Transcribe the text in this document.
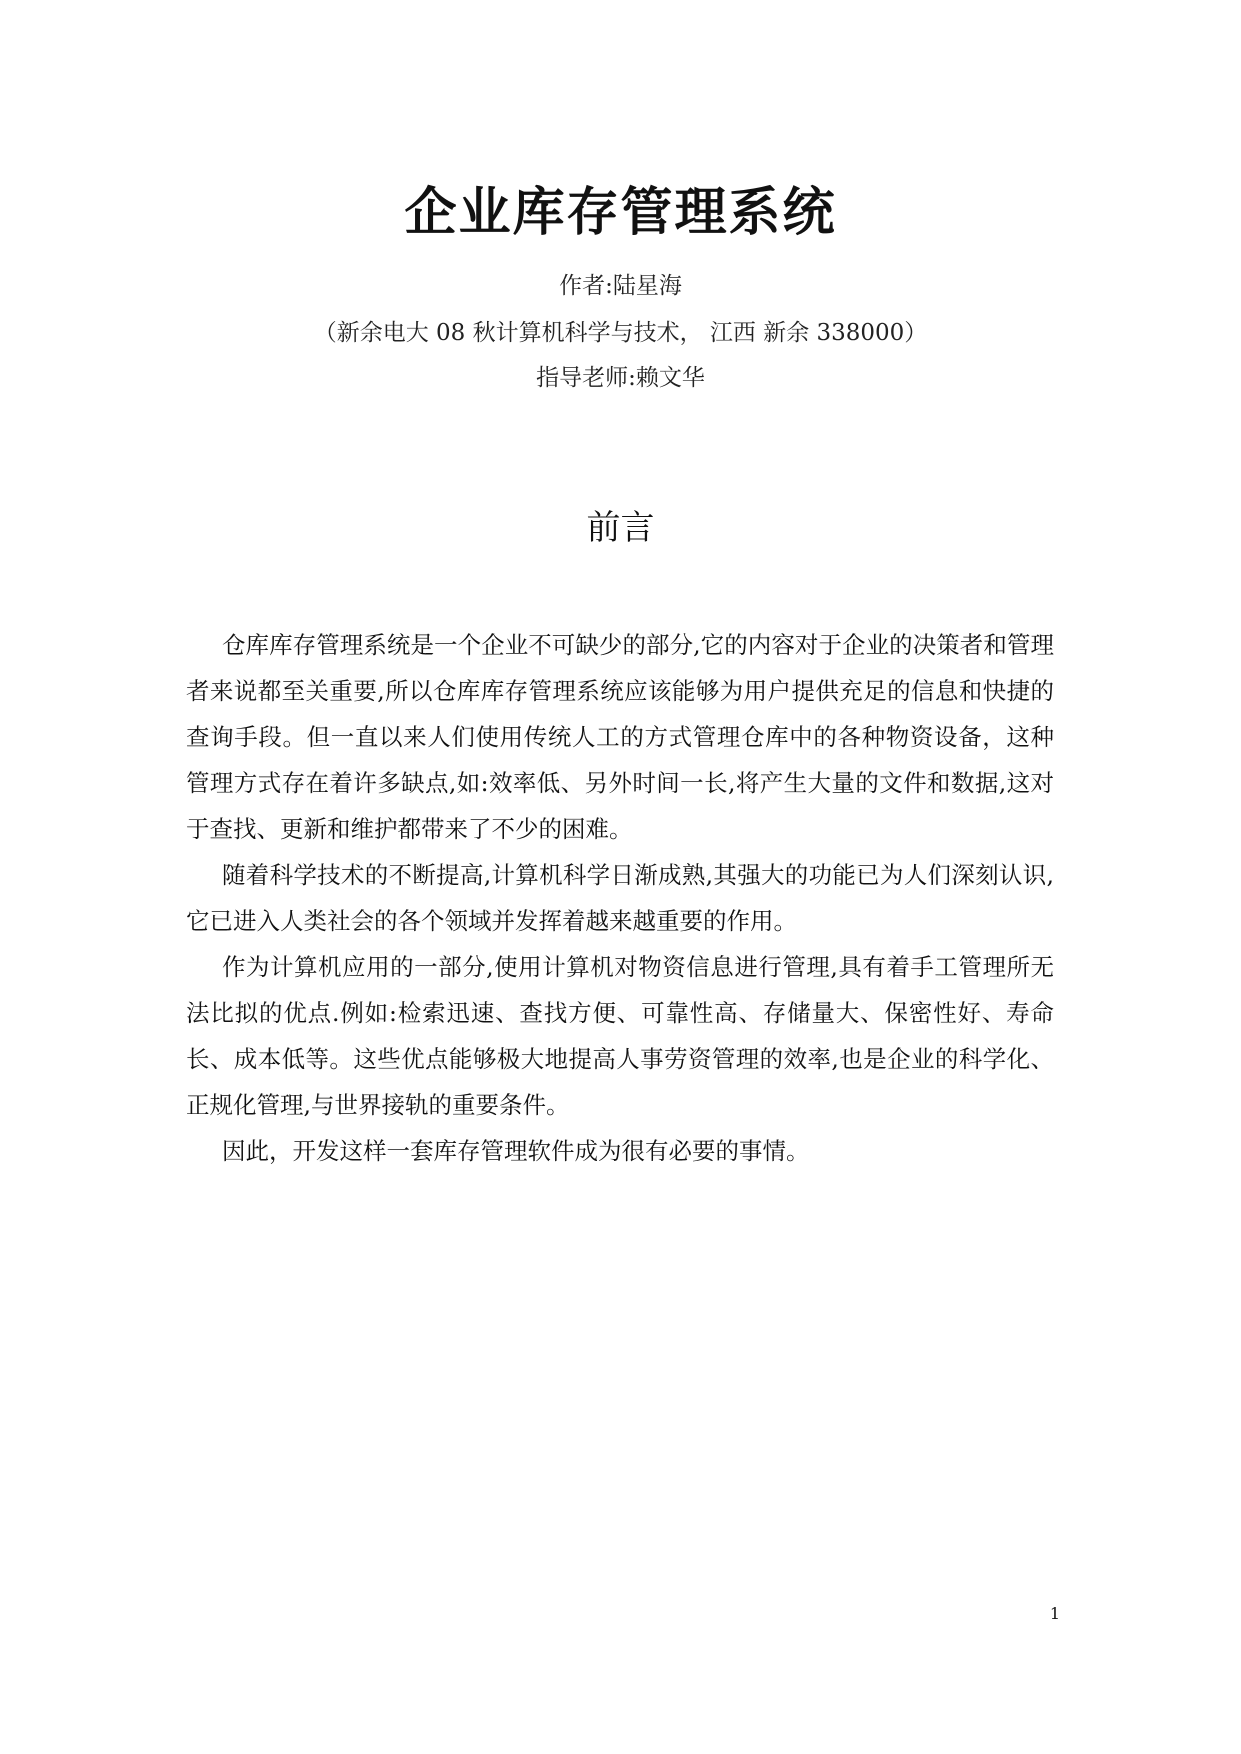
企业库存管理系统
作者:陆星海
（新余电大 08 秋计算机科学与技术， 江西 新余 338000）
指导老师:赖文华
前言

仓库库存管理系统是一个企业不可缺少的部分,它的内容对于企业的决策者和管理者来说都至关重要,所以仓库库存管理系统应该能够为用户提供充足的信息和快捷的查询手段。但一直以来人们使用传统人工的方式管理仓库中的各种物资设备，这种管理方式存在着许多缺点,如:效率低、另外时间一长,将产生大量的文件和数据,这对于查找、更新和维护都带来了不少的困难。

随着科学技术的不断提高,计算机科学日渐成熟,其强大的功能已为人们深刻认识,它已进入人类社会的各个领域并发挥着越来越重要的作用。

作为计算机应用的一部分,使用计算机对物资信息进行管理,具有着手工管理所无法比拟的优点.例如:检索迅速、查找方便、可靠性高、存储量大、保密性好、寿命长、成本低等。这些优点能够极大地提高人事劳资管理的效率,也是企业的科学化、正规化管理,与世界接轨的重要条件。

因此，开发这样一套库存管理软件成为很有必要的事情。

1
